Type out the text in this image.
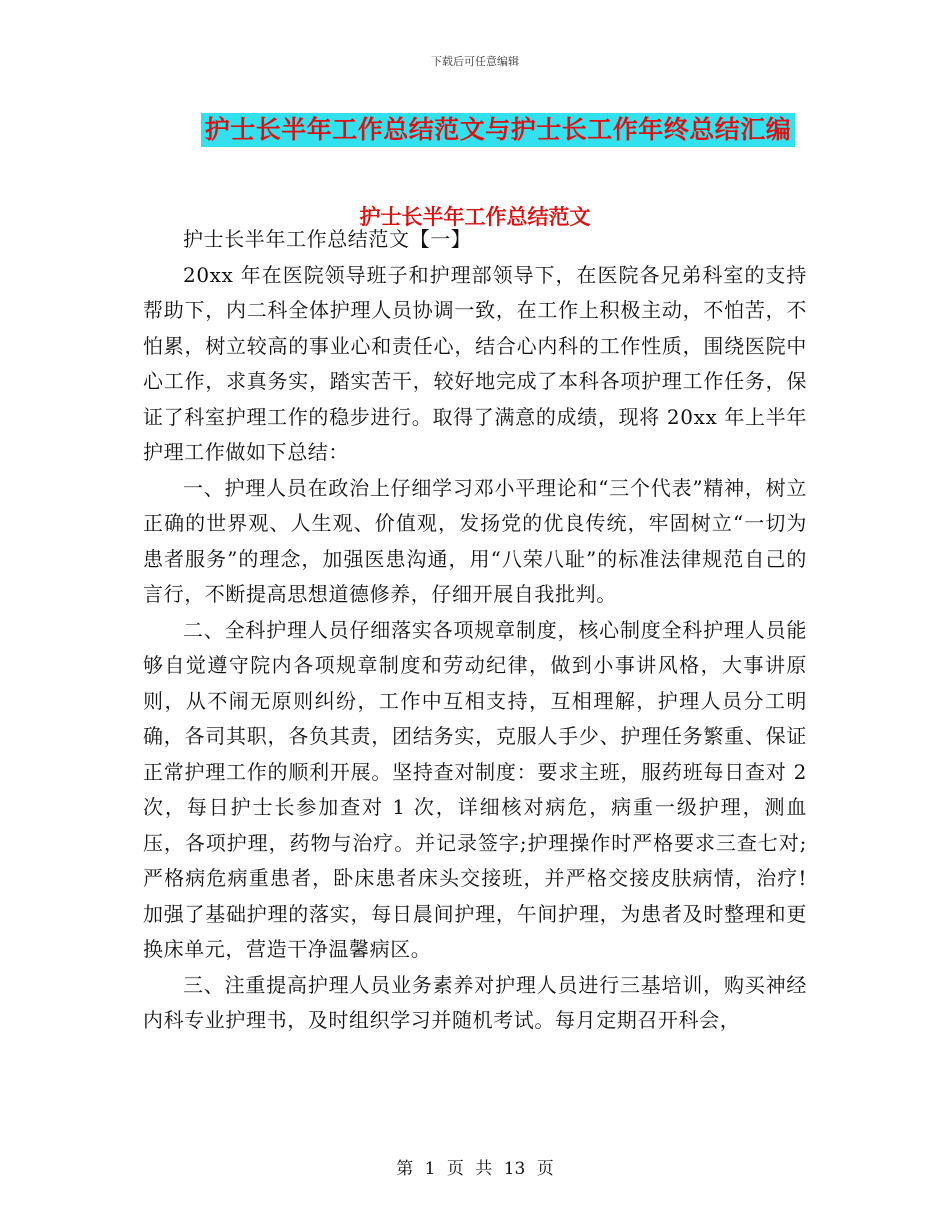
下载后可任意编辑
护士长半年工作总结范文与护士长工作年终总结汇编
护士长半年工作总结范文

护士长半年工作总结范文【一】

20xx 年在医院领导班子和护理部领导下，在医院各兄弟科室的支持帮助下，内二科全体护理人员协调一致，在工作上积极主动，不怕苦，不怕累，树立较高的事业心和责任心，结合心内科的工作性质，围绕医院中心工作，求真务实，踏实苦干，较好地完成了本科各项护理工作任务，保证了科室护理工作的稳步进行。取得了满意的成绩，现将 20xx 年上半年护理工作做如下总结：

一、护理人员在政治上仔细学习邓小平理论和“三个代表”精神，树立正确的世界观、人生观、价值观，发扬党的优良传统，牢固树立“一切为患者服务”的理念，加强医患沟通，用“八荣八耻”的标准法律规范自己的言行，不断提高思想道德修养，仔细开展自我批判。

二、全科护理人员仔细落实各项规章制度，核心制度全科护理人员能够自觉遵守院内各项规章制度和劳动纪律，做到小事讲风格，大事讲原则，从不闹无原则纠纷，工作中互相支持，互相理解，护理人员分工明确，各司其职，各负其责，团结务实，克服人手少、护理任务繁重、保证正常护理工作的顺利开展。坚持查对制度：要求主班，服药班每日查对 2 次，每日护士长参加查对 1 次，详细核对病危，病重一级护理，测血压，各项护理，药物与治疗。并记录签字;护理操作时严格要求三查七对;严格病危病重患者，卧床患者床头交接班，并严格交接皮肤病情，治疗!加强了基础护理的落实，每日晨间护理，午间护理，为患者及时整理和更换床单元，营造干净温馨病区。

三、注重提高护理人员业务素养对护理人员进行三基培训，购买神经内科专业护理书，及时组织学习并随机考试。每月定期召开科会，

第 1 页 共 13 页
